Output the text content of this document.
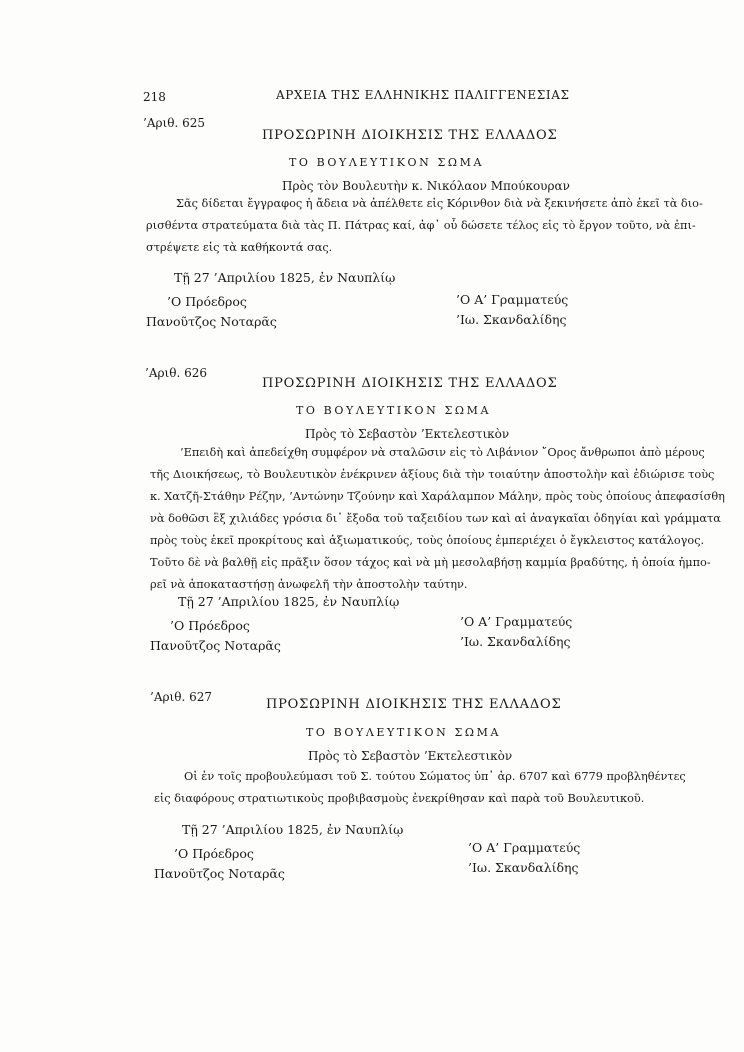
218	ΑΡΧΕΙΑ ΤΗΣ ΕΛΛΗΝΙΚΗΣ ΠΑΛΙΓΓΕΝΕΣΙΑΣ
’Αριθ. 625
ΠΡΟΣΩΡΙΝΗ ΔΙΟΙΚΗΣΙΣ ΤΗΣ ΕΛΛΑΔΟΣ
ΤΟ ΒΟΥΛΕΥΤΙΚΟΝ ΣΩΜΑ
Πρὸς τὸν Βουλευτὴν κ. Νικόλαον Μπούκουραν
Σᾶς δίδεται ἔγγραφος ἡ ἄδεια νὰ ἀπέλθετε εἰς Κόρινθον διὰ νὰ ξεκινήσετε ἀπὸ ἐκεῖ τὰ διο-
ρισθέντα στρατεύματα διὰ τὰς Π. Πάτρας καί, ἀφ᾽ οὗ δώσετε τέλος εἰς τὸ ἔργον τοῦτο, νὰ ἐπι-
στρέψετε εἰς τὰ καθήκοντά σας.
Τῇ 27 ’Απριλίου 1825, ἐν Ναυπλίῳ
’Ο Πρόεδρος
Πανοῦτζος Νοταρᾶς
’Ο Α’ Γραμματεύς
’Ιω. Σκανδαλίδης
’Αριθ. 626
ΠΡΟΣΩΡΙΝΗ ΔΙΟΙΚΗΣΙΣ ΤΗΣ ΕΛΛΑΔΟΣ
ΤΟ ΒΟΥΛΕΥΤΙΚΟΝ ΣΩΜΑ
Πρὸς τὸ Σεβαστὸν ’Εκτελεστικὸν
’Επειδὴ καὶ ἀπεδείχθη συμφέρον νὰ σταλῶσιν εἰς τὸ Λιβάνιον ῎Ορος ἄνθρωποι ἀπὸ μέρους
τῆς Διοικήσεως, τὸ Βουλευτικὸν ἐνέκρινεν ἀξίους διὰ τὴν τοιαύτην ἀποστολὴν καὶ ἐδιώρισε τοὺς
κ. Χατζῆ-Στάθην Ρέζην, ’Αντώνην Τζούνην καὶ Χαράλαμπον Μάλην, πρὸς τοὺς ὁποίους ἀπεφασίσθη
νὰ δοθῶσι ἓξ χιλιάδες γρόσια δι᾽ ἔξοδα τοῦ ταξειδίου των καὶ αἱ ἀναγκαῖαι ὁδηγίαι καὶ γράμματα
πρὸς τοὺς ἐκεῖ προκρίτους καὶ ἀξιωματικούς, τοὺς ὁποίους ἐμπεριέχει ὁ ἔγκλειστος κατάλογος.
Τοῦτο δὲ νὰ βαλθῇ εἰς πρᾶξιν ὅσον τάχος καὶ νὰ μὴ μεσολαβήσῃ καμμία βραδύτης, ἡ ὁποία ἠμπο-
ρεῖ νὰ ἀποκαταστήσῃ ἀνωφελῆ τὴν ἀποστολὴν ταύτην.
Τῇ 27 ’Απριλίου 1825, ἐν Ναυπλίῳ
’Ο Πρόεδρος
Πανοῦτζος Νοταρᾶς
’Ο Α’ Γραμματεύς
’Ιω. Σκανδαλίδης
’Αριθ. 627	ΠΡΟΣΩΡΙΝΗ ΔΙΟΙΚΗΣΙΣ ΤΗΣ ΕΛΛΑΔΟΣ
ΤΟ ΒΟΥΛΕΥΤΙΚΟΝ ΣΩΜΑ
Πρὸς τὸ Σεβαστὸν ’Εκτελεστικὸν
Οἱ ἐν τοῖς προβουλεύμασι τοῦ Σ. τούτου Σώματος ὑπ᾽ ἀρ. 6707 καὶ 6779 προβληθέντες
εἰς διαφόρους στρατιωτικοὺς προβιβασμοὺς ἐνεκρίθησαν καὶ παρὰ τοῦ Βουλευτικοῦ.
Τῇ 27 ’Απριλίου 1825, ἐν Ναυπλίῳ
’Ο Πρόεδρος
Πανοῦτζος Νοταρᾶς
’Ο Α’ Γραμματεύς
’Ιω. Σκανδαλίδης
